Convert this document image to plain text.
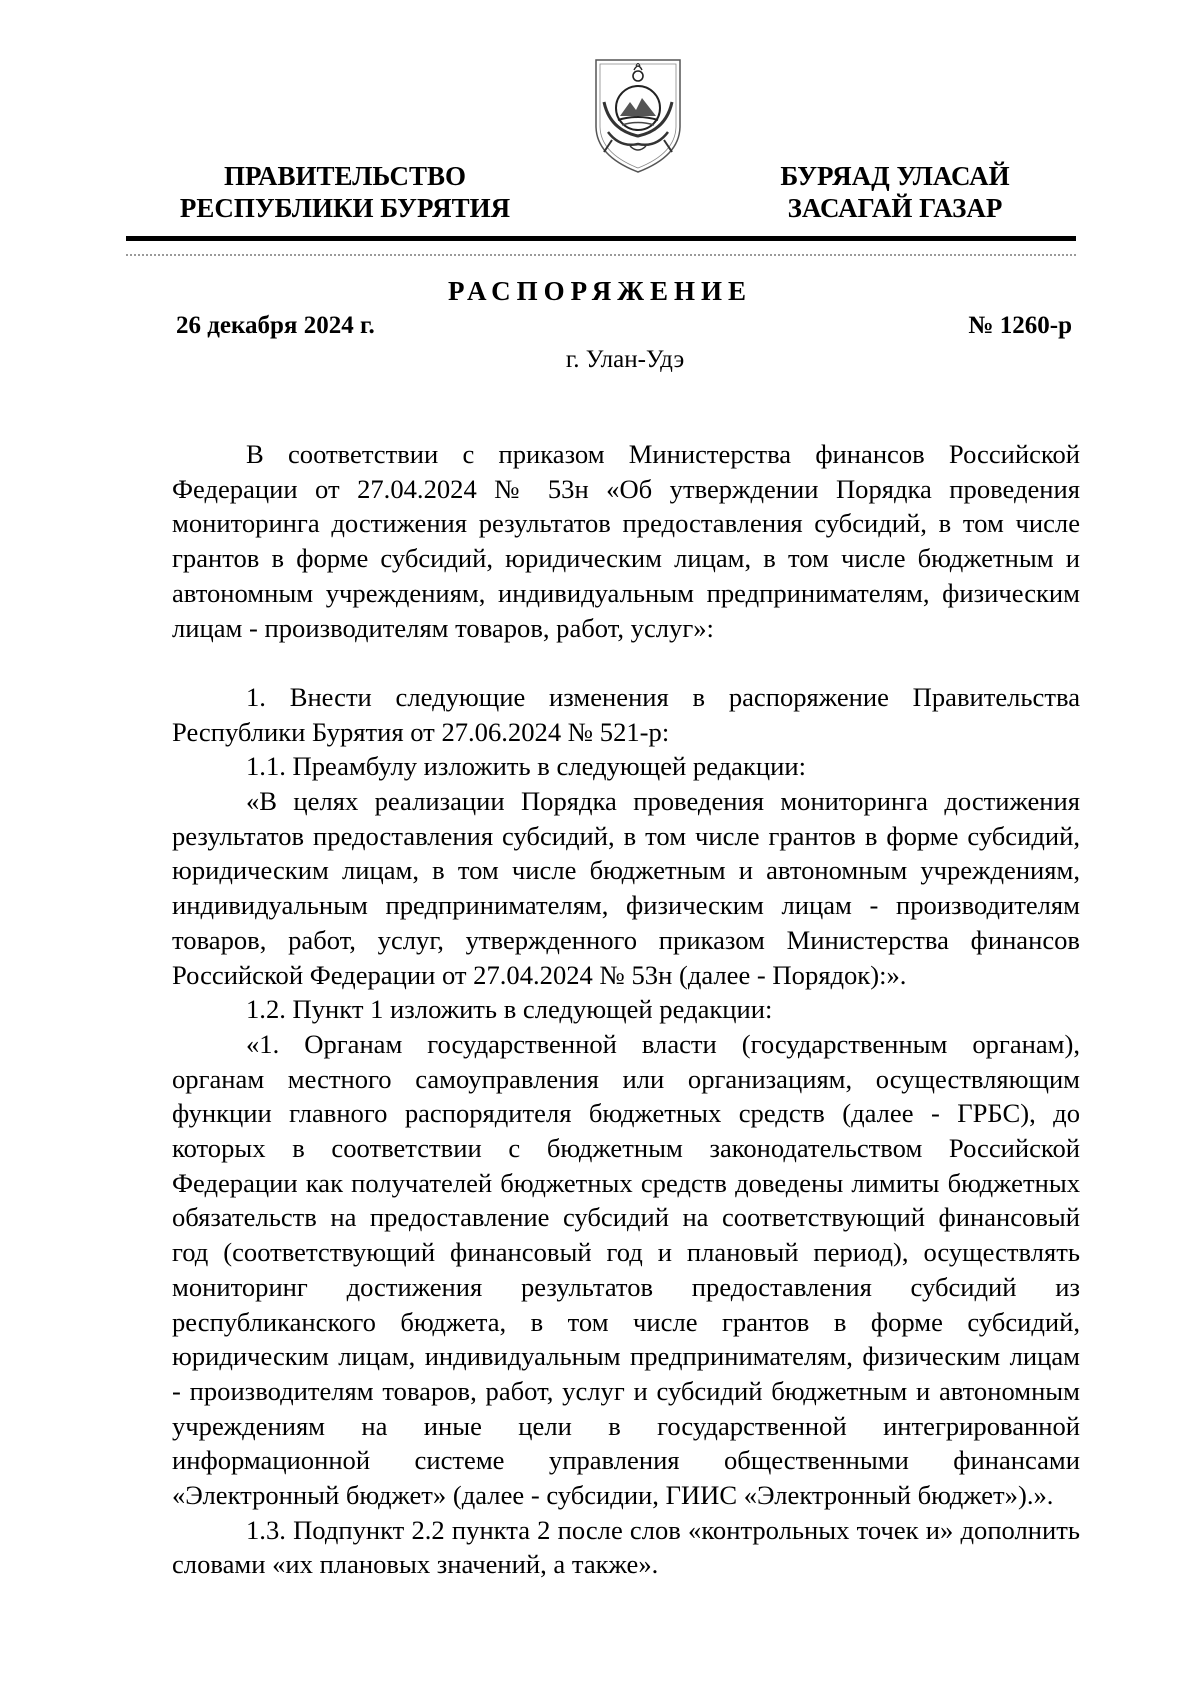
ПРАВИТЕЛЬСТВО
РЕСПУБЛИКИ БУРЯТИЯ
БУРЯАД УЛАСАЙ
ЗАСАГАЙ ГАЗАР
РАСПОРЯЖЕНИЕ
26 декабря 2024 г.	№ 1260-р
г. Улан-Удэ

В соответствии с приказом Министерства финансов Российской Федерации от 27.04.2024 № 53н «Об утверждении Порядка проведения мониторинга достижения результатов предоставления субсидий, в том числе грантов в форме субсидий, юридическим лицам, в том числе бюджетным и автономным учреждениям, индивидуальным предпринимателям, физическим лицам - производителям товаров, работ, услуг»:

1. Внести следующие изменения в распоряжение Правительства Республики Бурятия от 27.06.2024 № 521-р:

1.1. Преамбулу изложить в следующей редакции:

«В целях реализации Порядка проведения мониторинга достижения результатов предоставления субсидий, в том числе грантов в форме субсидий, юридическим лицам, в том числе бюджетным и автономным учреждениям, индивидуальным предпринимателям, физическим лицам - производителям товаров, работ, услуг, утвержденного приказом Министерства финансов Российской Федерации от 27.04.2024 № 53н (далее - Порядок):».

1.2. Пункт 1 изложить в следующей редакции:

«1. Органам государственной власти (государственным органам), органам местного самоуправления или организациям, осуществляющим функции главного распорядителя бюджетных средств (далее - ГРБС), до которых в соответствии с бюджетным законодательством Российской Федерации как получателей бюджетных средств доведены лимиты бюджетных обязательств на предоставление субсидий на соответствующий финансовый год (соответствующий финансовый год и плановый период), осуществлять мониторинг достижения результатов предоставления субсидий из республиканского бюджета, в том числе грантов в форме субсидий, юридическим лицам, индивидуальным предпринимателям, физическим лицам - производителям товаров, работ, услуг и субсидий бюджетным и автономным учреждениям на иные цели в государственной интегрированной информационной системе управления общественными финансами «Электронный бюджет» (далее - субсидии, ГИИС «Электронный бюджет»).».

1.3. Подпункт 2.2 пункта 2 после слов «контрольных точек и» дополнить словами «их плановых значений, а также».
